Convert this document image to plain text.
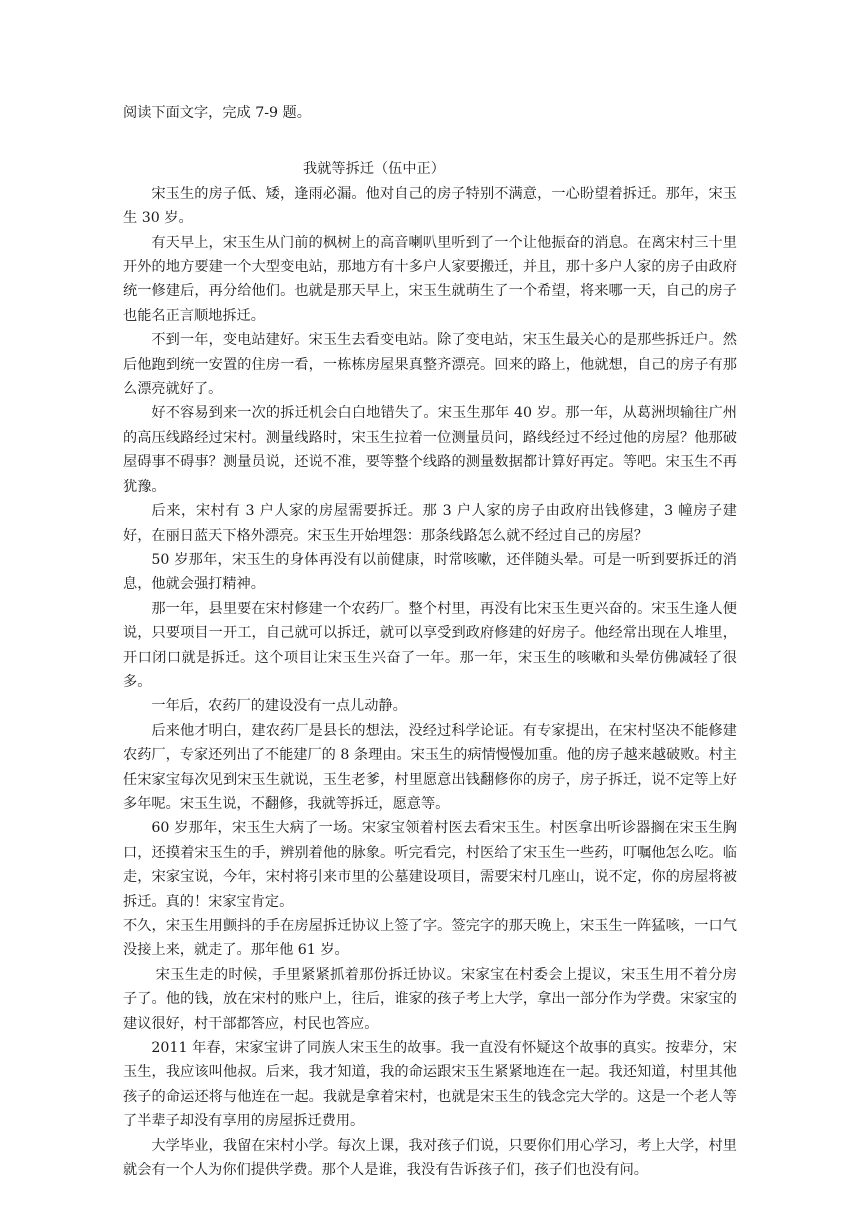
阅读下面文字，完成 7-9 题。

我就等拆迁（伍中正）

宋玉生的房子低、矮，逢雨必漏。他对自己的房子特别不满意，一心盼望着拆迁。那年，宋玉生 30 岁。

有天早上，宋玉生从门前的枫树上的高音喇叭里听到了一个让他振奋的消息。在离宋村三十里开外的地方要建一个大型变电站，那地方有十多户人家要搬迁，并且，那十多户人家的房子由政府统一修建后，再分给他们。也就是那天早上，宋玉生就萌生了一个希望，将来哪一天，自己的房子也能名正言顺地拆迁。

不到一年，变电站建好。宋玉生去看变电站。除了变电站，宋玉生最关心的是那些拆迁户。然后他跑到统一安置的住房一看，一栋栋房屋果真整齐漂亮。回来的路上，他就想，自己的房子有那么漂亮就好了。

好不容易到来一次的拆迁机会白白地错失了。宋玉生那年 40 岁。那一年，从葛洲坝输往广州的高压线路经过宋村。测量线路时，宋玉生拉着一位测量员问，路线经过不经过他的房屋？他那破屋碍事不碍事？测量员说，还说不准，要等整个线路的测量数据都计算好再定。等吧。宋玉生不再犹豫。

后来，宋村有 3 户人家的房屋需要拆迁。那 3 户人家的房子由政府出钱修建，3 幢房子建好，在丽日蓝天下格外漂亮。宋玉生开始埋怨：那条线路怎么就不经过自己的房屋？

50 岁那年，宋玉生的身体再没有以前健康，时常咳嗽，还伴随头晕。可是一听到要拆迁的消息，他就会强打精神。

那一年，县里要在宋村修建一个农药厂。整个村里，再没有比宋玉生更兴奋的。宋玉生逢人便说，只要项目一开工，自己就可以拆迁，就可以享受到政府修建的好房子。他经常出现在人堆里，开口闭口就是拆迁。这个项目让宋玉生兴奋了一年。那一年，宋玉生的咳嗽和头晕仿佛减轻了很多。

一年后，农药厂的建设没有一点儿动静。

后来他才明白，建农药厂是县长的想法，没经过科学论证。有专家提出，在宋村坚决不能修建农药厂，专家还列出了不能建厂的 8 条理由。宋玉生的病情慢慢加重。他的房子越来越破败。村主任宋家宝每次见到宋玉生就说，玉生老爹，村里愿意出钱翻修你的房子，房子拆迁，说不定等上好多年呢。宋玉生说，不翻修，我就等拆迁，愿意等。

60 岁那年，宋玉生大病了一场。宋家宝领着村医去看宋玉生。村医拿出听诊器搁在宋玉生胸口，还摸着宋玉生的手，辨别着他的脉象。听完看完，村医给了宋玉生一些药，叮嘱他怎么吃。临走，宋家宝说，今年，宋村将引来市里的公墓建设项目，需要宋村几座山，说不定，你的房屋将被拆迁。真的！宋家宝肯定。

不久，宋玉生用颤抖的手在房屋拆迁协议上签了字。签完字的那天晚上，宋玉生一阵猛咳，一口气没接上来，就走了。那年他 61 岁。

宋玉生走的时候，手里紧紧抓着那份拆迁协议。宋家宝在村委会上提议，宋玉生用不着分房子了。他的钱，放在宋村的账户上，往后，谁家的孩子考上大学，拿出一部分作为学费。宋家宝的建议很好，村干部都答应，村民也答应。

2011 年春，宋家宝讲了同族人宋玉生的故事。我一直没有怀疑这个故事的真实。按辈分，宋玉生，我应该叫他叔。后来，我才知道，我的命运跟宋玉生紧紧地连在一起。我还知道，村里其他孩子的命运还将与他连在一起。我就是拿着宋村，也就是宋玉生的钱念完大学的。这是一个老人等了半辈子却没有享用的房屋拆迁费用。

大学毕业，我留在宋村小学。每次上课，我对孩子们说，只要你们用心学习，考上大学，村里就会有一个人为你们提供学费。那个人是谁，我没有告诉孩子们，孩子们也没有问。
